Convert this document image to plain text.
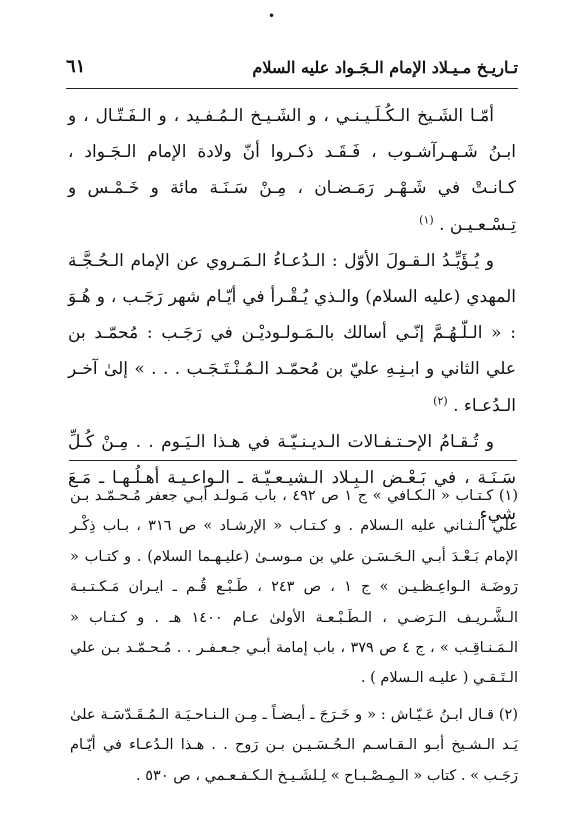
•
تـاريـخ مـيـلاد الإمام الـجَـواد عليه السلام
٦١

أمّـا الشَـيخ الـكُـلَـيـنـي ، و الشَـيـخ الـمُـفـيد ، و الـفَـتّـال ، و ابـنُ شَـهـرآشـوب ، فَـقَـد ذكـروا أنّ ولادة الإمام الـجَـواد ، كـانـتْ في شَـهْـر رَمَـضـان ، مِـنْ سَـنَـة مائة و خَـمْـس و تِـسْـعـيـن . $^{(١)}$

و يُـؤَيِّـدُ الـقـولَ الأوّل : الـدُعـاءُ الـمَـروي عن الإمام الـحُـجَّـة المهدي (عليه السلام) والـذي يُـقْـرأ في أيّـام شهر رَجَـب ، و هُـوَ : « الـلّـهُـمَّ إنّـي أسالك بالـمَـولـوديْـن في رَجَـب : مُحمّـد بن علي الثاني و ابـنِـهِ عليّ بن مُحمّـد الـمُـنْـتَـجَـب . . . » إلىٰ آخـر الـدُعـاء . $^{(٢)}$

و تُـقـامُ الإحـتـفـالات الـديـنـيّـة في هـذا الـيَـوم . . مِـنْ كُـلِّ سَـنَـة ، في بَـعْـض الـبِـلاد الـشيـعـيّـة ـ الـواعـيـة أهـلُـهـا ـ مَـعَ شيء

(١) كـتـاب « الـكـافي » ج ١ ص ٤٩٢ ، باب مَـولـد أبـي جعفر مُـحـمّـد بـن علي الـثـاني عليه الـسلام . و كـتـاب « الإرشـاد » ص ٣١٦ ، بـاب ذِكْـر الإمام بَـعْـدَ أبـي الـحَـسَـن علي بن مـوسـىٰ (عليـهـما السلام) . و كتـاب « رَوضَـة الـواعِـظـيـن » ج ١ ، ص ٢٤٣ ، طَـبْـع قُـم ـ ايـران مَـكـتـبـة الـشَّـريـف الـرَضـي ، الـطَـبْـعـة الأولىٰ عـام ١٤٠٠ هـ . و كـتـاب « الـمَـنـاقِـب » ، ج ٤ ص ٣٧٩ ، باب إمامة أبـي جـعـفـر . . مُـحـمّـد بـن علي الـتَـقـي ( عليـه الـسلام ) .

(٢) قـال ابـنُ عَـيّـاش : « و خَـرَجَ ـ أيـضـاً ـ مِـن الـنـاحـيَـة الـمُـقَـدّسَـة علىٰ يَـد الـشـيخ أبـو الـقـاسـم الـحُـسَـيـن بـن رَوح . . هـذا الـدُعـاء في أيّـام رَجَـب » . كتاب « الـمِـصْـبـاح » لِـلشَـيـخ الـكـفـعـمي ، ص ٥٣٠ .
